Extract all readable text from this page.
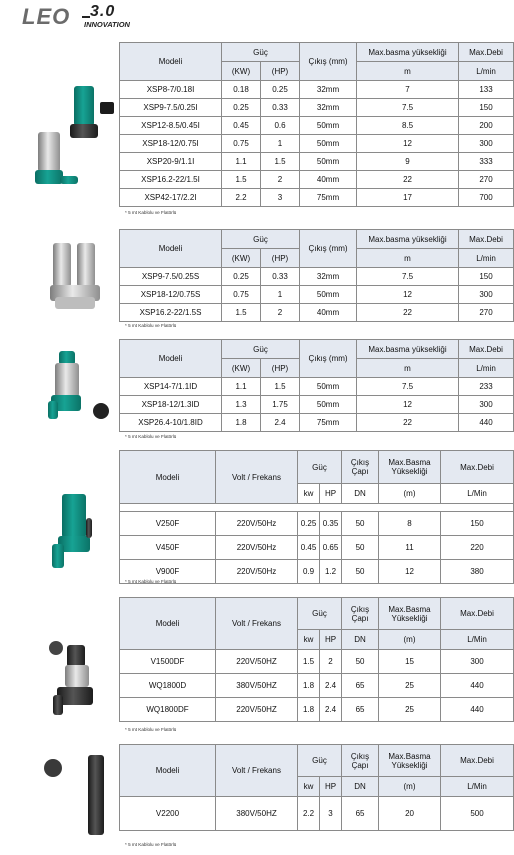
LEO 3.0
INNOVATION
Modeli	Güç		Çıkış (mm)	Max.basma yüksekliği	Max.Debi
	(KW)	(HP)		m	L/min
XSP8-7/0.18I	0.18	0.25	32mm	7	133
XSP9-7.5/0.25I	0.25	0.33	32mm	7.5	150
XSP12-8.5/0.45I	0.45	0.6	50mm	8.5	200
XSP18-12/0.75I	0.75	1	50mm	12	300
XSP20-9/1.1I	1.1	1.5	50mm	9	333
XSP16.2-22/1.5I	1.5	2	40mm	22	270
XSP42-17/2.2I	2.2	3	75mm	17	700
* 5 mt Kablolu ve Flatörlü
Modeli	Güç		Çıkış (mm)	Max.basma yüksekliği	Max.Debi
	(KW)	(HP)		m	L/min
XSP9-7.5/0.25S	0.25	0.33	32mm	7.5	150
XSP18-12/0.75S	0.75	1	50mm	12	300
XSP16.2-22/1.5S	1.5	2	40mm	22	270
* 5 mt Kablolu ve Flatörlü
Modeli	Güç		Çıkış (mm)	Max.basma yüksekliği	Max.Debi
	(KW)	(HP)		m	L/min
XSP14-7/1.1ID	1.1	1.5	50mm	7.5	233
XSP18-12/1.3ID	1.3	1.75	50mm	12	300
XSP26.4-10/1.8ID	1.8	2.4	75mm	22	440
* 5 mt Kablolu ve Flatörlü
Modeli	Volt / Frekans	Güç		Çıkış Çapı	Max.Basma Yüksekliği	Max.Debi
		kw	HP	DN	(m)	L/Min

V250F	220V/50Hz	0.25	0.35	50	8	150
V450F	220V/50Hz	0.45	0.65	50	11	220
V900F	220V/50Hz	0.9	1.2	50	12	380
* 5 mt Kablolu ve Flatörlü
Modeli	Volt / Frekans	Güç		Çıkış Çapı	Max.Basma Yüksekliği	Max.Debi
		kw	HP	DN	(m)	L/Min
V1500DF	220V/50HZ	1.5	2	50	15	300
WQ1800D	380V/50HZ	1.8	2.4	65	25	440
WQ1800DF	220V/50HZ	1.8	2.4	65	25	440
* 5 mt Kablolu ve Flatörlü
Modeli	Volt / Frekans	Güç		Çıkış Çapı	Max.Basma Yüksekliği	Max.Debi
		kw	HP	DN	(m)	L/Min
V2200	380V/50HZ	2.2	3	65	20	500
* 5 mt Kablolu ve Flatörlü
